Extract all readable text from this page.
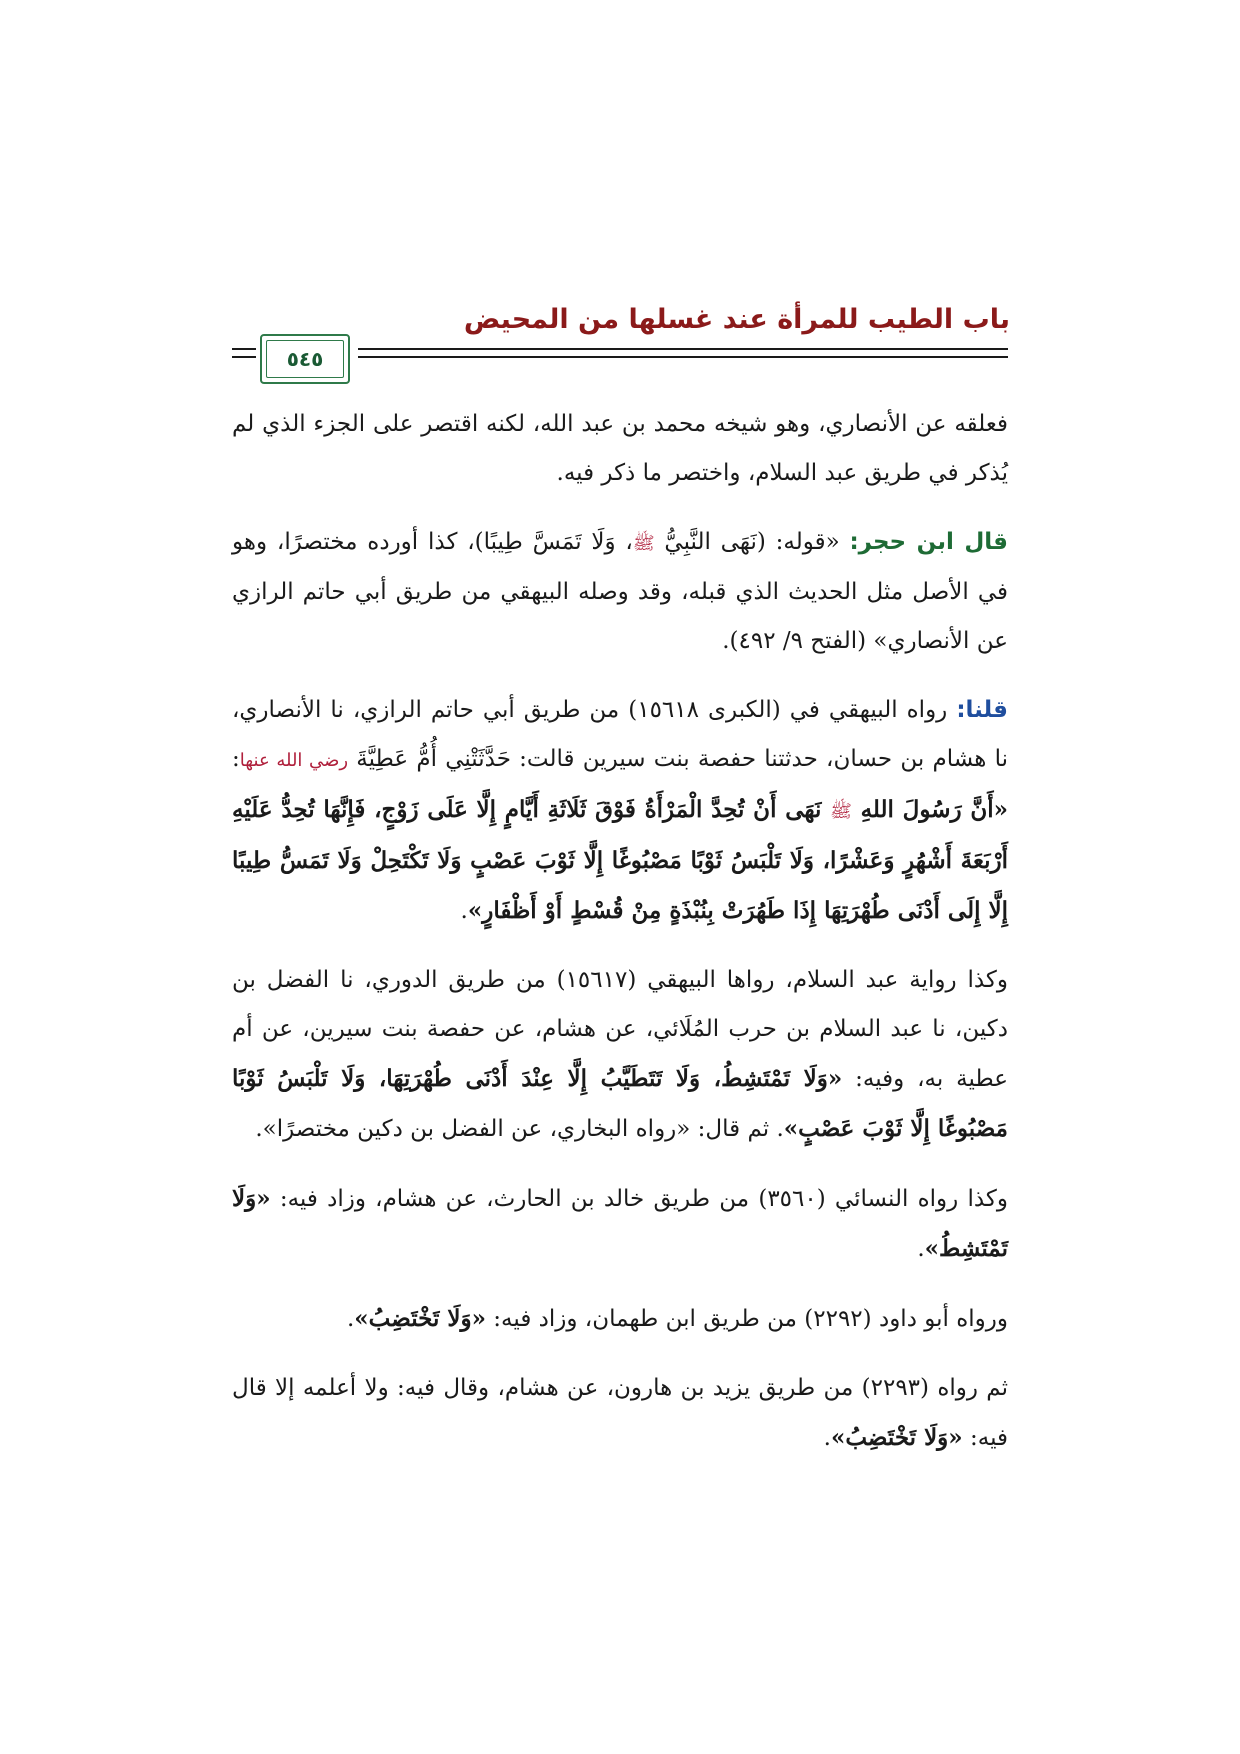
باب الطيب للمرأة عند غسلها من المحيض
٥٤٥

فعلقه عن الأنصاري، وهو شيخه محمد بن عبد الله، لكنه اقتصر على الجزء الذي لم يُذكر في طريق عبد السلام، واختصر ما ذكر فيه.

قال ابن حجر: «قوله: (نَهَى النَّبِيُّ ﷺ، وَلَا تَمَسَّ طِيبًا)، كذا أورده مختصرًا، وهو في الأصل مثل الحديث الذي قبله، وقد وصله البيهقي من طريق أبي حاتم الرازي عن الأنصاري» (الفتح ٩/ ٤٩٢).

قلنا: رواه البيهقي في (الكبرى ١٥٦١٨) من طريق أبي حاتم الرازي، نا الأنصاري، نا هشام بن حسان، حدثتنا حفصة بنت سيرين قالت: حَدَّثَتْنِي أُمُّ عَطِيَّةَ رضي الله عنها: «أَنَّ رَسُولَ اللهِ ﷺ نَهَى أَنْ تُحِدَّ الْمَرْأَةُ فَوْقَ ثَلَاثَةِ أَيَّامٍ إِلَّا عَلَى زَوْجٍ، فَإِنَّهَا تُحِدُّ عَلَيْهِ أَرْبَعَةَ أَشْهُرٍ وَعَشْرًا، وَلَا تَلْبَسُ ثَوْبًا مَصْبُوغًا إِلَّا ثَوْبَ عَصْبٍ وَلَا تَكْتَحِلْ وَلَا تَمَسُّ طِيبًا إِلَّا إِلَى أَدْنَى طُهْرَتِهَا إِذَا طَهُرَتْ بِنُبْذَةٍ مِنْ قُسْطٍ أَوْ أَظْفَارٍ».

وكذا رواية عبد السلام، رواها البيهقي (١٥٦١٧) من طريق الدوري، نا الفضل بن دكين، نا عبد السلام بن حرب المُلَائي، عن هشام، عن حفصة بنت سيرين، عن أم عطية به، وفيه: «وَلَا تَمْتَشِطُ، وَلَا تَتَطَيَّبُ إِلَّا عِنْدَ أَدْنَى طُهْرَتِهَا، وَلَا تَلْبَسُ ثَوْبًا مَصْبُوغًا إِلَّا ثَوْبَ عَصْبٍ». ثم قال: «رواه البخاري، عن الفضل بن دكين مختصرًا».

وكذا رواه النسائي (٣٥٦٠) من طريق خالد بن الحارث، عن هشام، وزاد فيه: «وَلَا تَمْتَشِطُ».

ورواه أبو داود (٢٢٩٢) من طريق ابن طهمان، وزاد فيه: «وَلَا تَخْتَضِبُ».

ثم رواه (٢٢٩٣) من طريق يزيد بن هارون، عن هشام، وقال فيه: ولا أعلمه إلا قال فيه: «وَلَا تَخْتَضِبُ».
